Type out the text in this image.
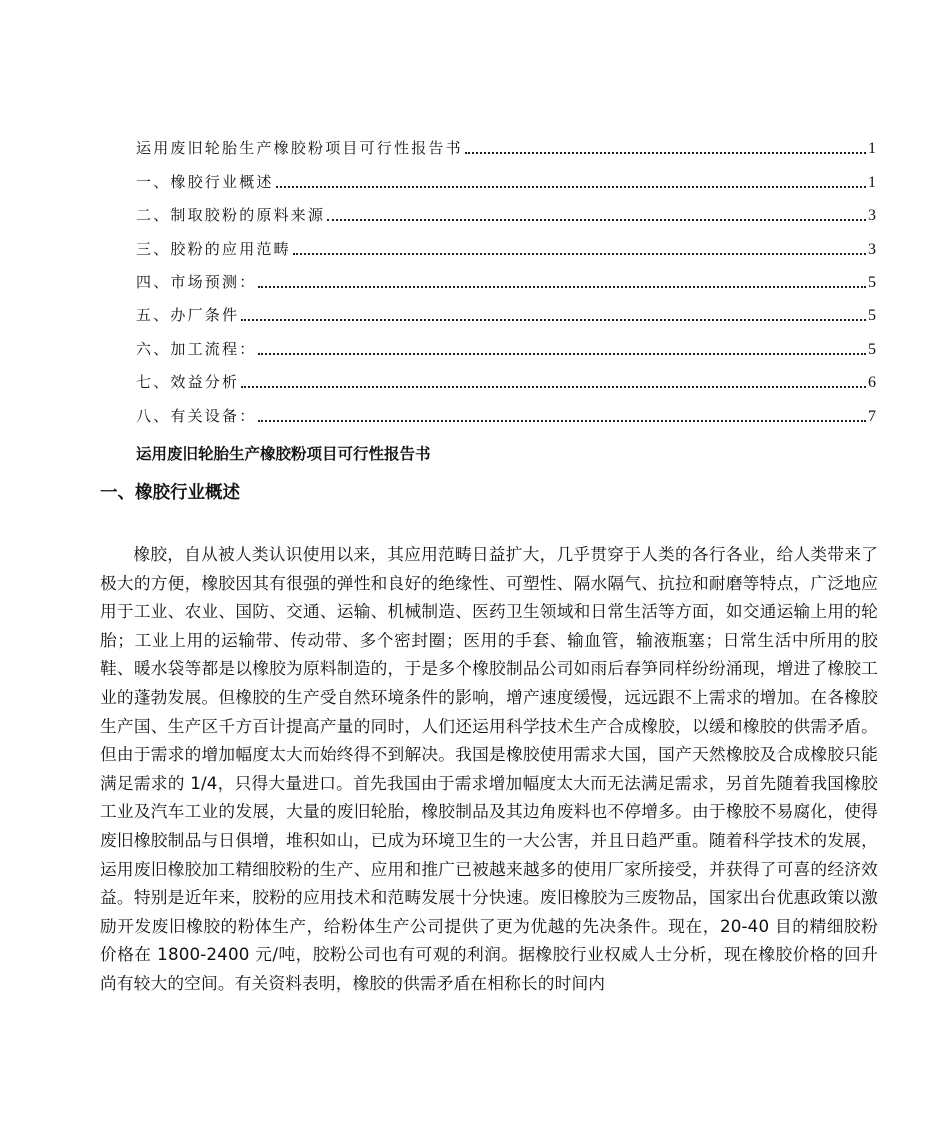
运用废旧轮胎生产橡胶粉项目可行性报告书	1
一、橡胶行业概述	1
二、制取胶粉的原料来源	3
三、胶粉的应用范畴	3
四、市场预测：	5
五、办厂条件	5
六、加工流程：	5
七、效益分析	6
八、有关设备：	7
运用废旧轮胎生产橡胶粉项目可行性报告书
一、橡胶行业概述

橡胶，自从被人类认识使用以来，其应用范畴日益扩大，几乎贯穿于人类的各行各业，给人类带来了极大的方便，橡胶因其有很强的弹性和良好的绝缘性、可塑性、隔水隔气、抗拉和耐磨等特点，广泛地应用于工业、农业、国防、交通、运输、机械制造、医药卫生领域和日常生活等方面，如交通运输上用的轮胎；工业上用的运输带、传动带、多个密封圈；医用的手套、输血管，输液瓶塞；日常生活中所用的胶鞋、暖水袋等都是以橡胶为原料制造的，于是多个橡胶制品公司如雨后春笋同样纷纷涌现，增进了橡胶工业的蓬勃发展。但橡胶的生产受自然环境条件的影响，增产速度缓慢，远远跟不上需求的增加。在各橡胶生产国、生产区千方百计提高产量的同时，人们还运用科学技术生产合成橡胶，以缓和橡胶的供需矛盾。但由于需求的增加幅度太大而始终得不到解决。我国是橡胶使用需求大国，国产天然橡胶及合成橡胶只能满足需求的 1/4，只得大量进口。首先我国由于需求增加幅度太大而无法满足需求，另首先随着我国橡胶工业及汽车工业的发展，大量的废旧轮胎，橡胶制品及其边角废料也不停增多。由于橡胶不易腐化，使得废旧橡胶制品与日俱增，堆积如山，已成为环境卫生的一大公害，并且日趋严重。随着科学技术的发展，运用废旧橡胶加工精细胶粉的生产、应用和推广已被越来越多的使用厂家所接受，并获得了可喜的经济效益。特别是近年来，胶粉的应用技术和范畴发展十分快速。废旧橡胶为三废物品，国家出台优惠政策以激励开发废旧橡胶的粉体生产，给粉体生产公司提供了更为优越的先决条件。现在，20-40 目的精细胶粉价格在 1800-2400 元/吨，胶粉公司也有可观的利润。据橡胶行业权威人士分析，现在橡胶价格的回升尚有较大的空间。有关资料表明，橡胶的供需矛盾在相称长的时间内
